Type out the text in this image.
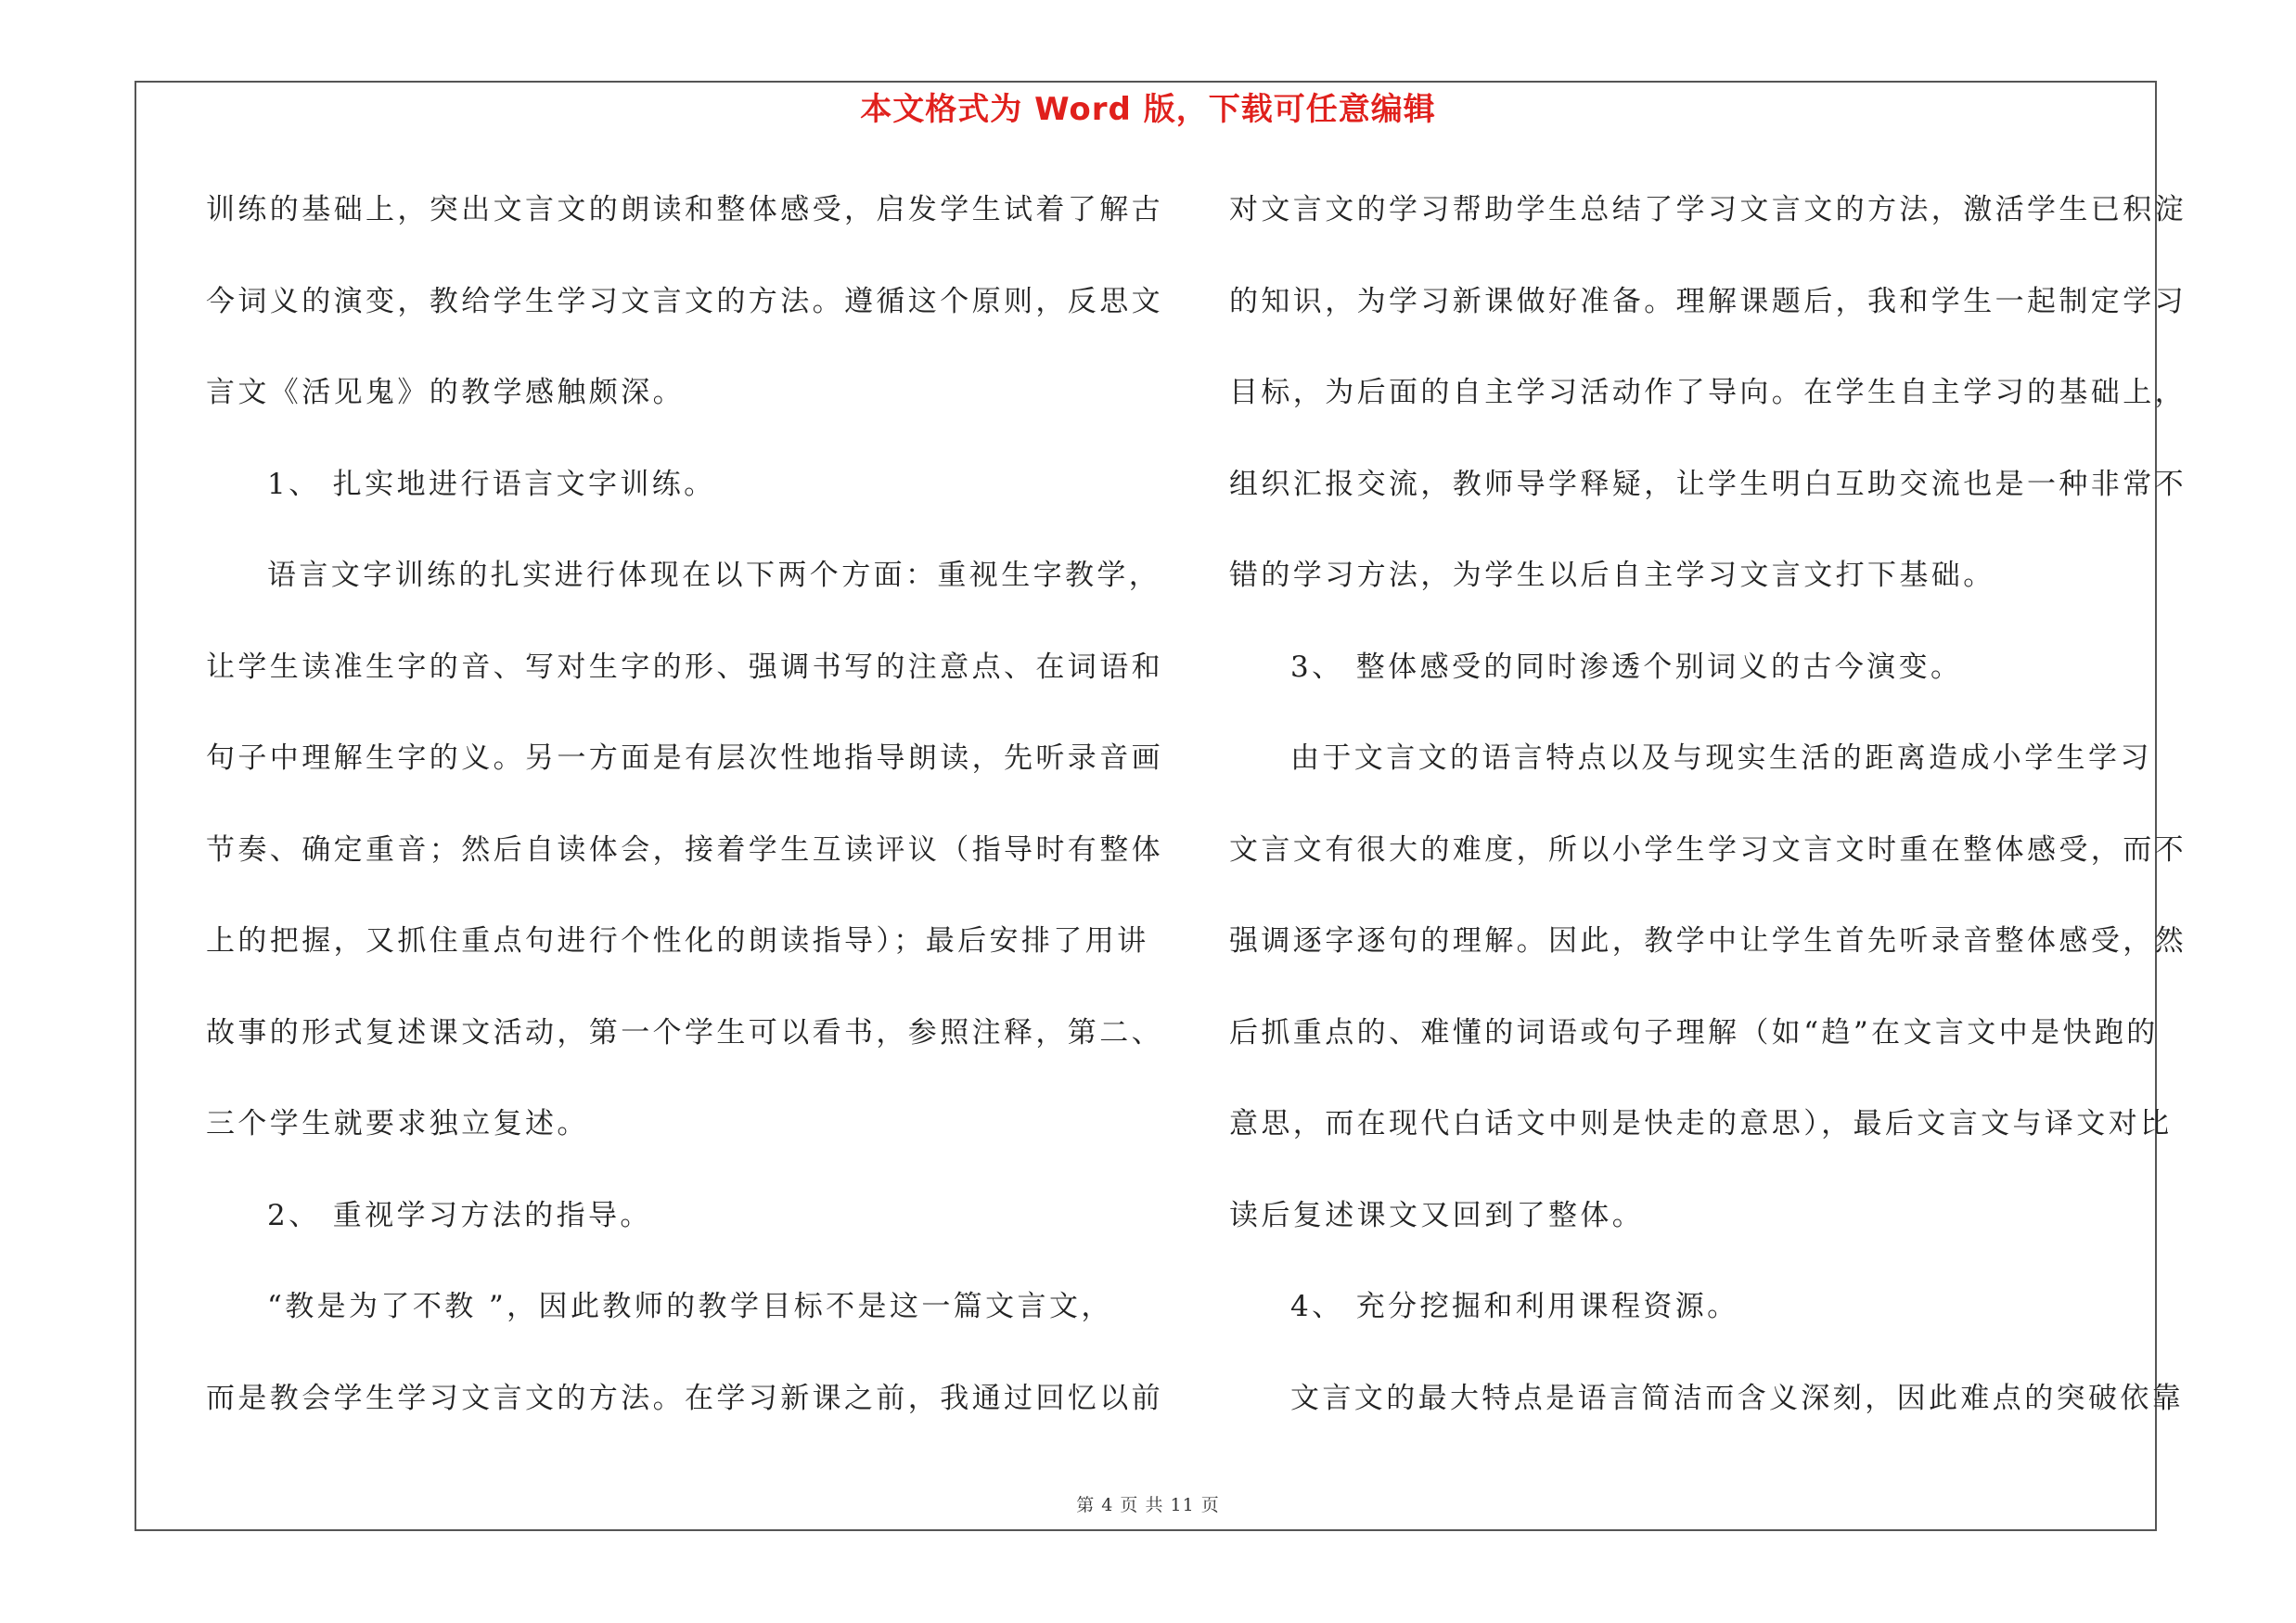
本文格式为 Word 版，下载可任意编辑
训练的基础上，突出文言文的朗读和整体感受，启发学生试着了解古
今词义的演变，教给学生学习文言文的方法。遵循这个原则，反思文
言文《活见鬼》的教学感触颇深。
1、 扎实地进行语言文字训练。
语言文字训练的扎实进行体现在以下两个方面：重视生字教学，
让学生读准生字的音、写对生字的形、强调书写的注意点、在词语和
句子中理解生字的义。另一方面是有层次性地指导朗读，先听录音画
节奏、确定重音；然后自读体会，接着学生互读评议（指导时有整体
上的把握，又抓住重点句进行个性化的朗读指导）；最后安排了用讲
故事的形式复述课文活动，第一个学生可以看书，参照注释，第二、
三个学生就要求独立复述。
2、 重视学习方法的指导。
“教是为了不教 ”，因此教师的教学目标不是这一篇文言文，
而是教会学生学习文言文的方法。在学习新课之前，我通过回忆以前
对文言文的学习帮助学生总结了学习文言文的方法，激活学生已积淀
的知识，为学习新课做好准备。理解课题后，我和学生一起制定学习
目标，为后面的自主学习活动作了导向。在学生自主学习的基础上，
组织汇报交流，教师导学释疑，让学生明白互助交流也是一种非常不
错的学习方法，为学生以后自主学习文言文打下基础。
3、 整体感受的同时渗透个别词义的古今演变。
由于文言文的语言特点以及与现实生活的距离造成小学生学习
文言文有很大的难度，所以小学生学习文言文时重在整体感受，而不
强调逐字逐句的理解。因此，教学中让学生首先听录音整体感受，然
后抓重点的、难懂的词语或句子理解（如“趋”在文言文中是快跑的
意思，而在现代白话文中则是快走的意思），最后文言文与译文对比
读后复述课文又回到了整体。
4、 充分挖掘和利用课程资源。
文言文的最大特点是语言简洁而含义深刻，因此难点的突破依靠
第 4 页 共 11 页
